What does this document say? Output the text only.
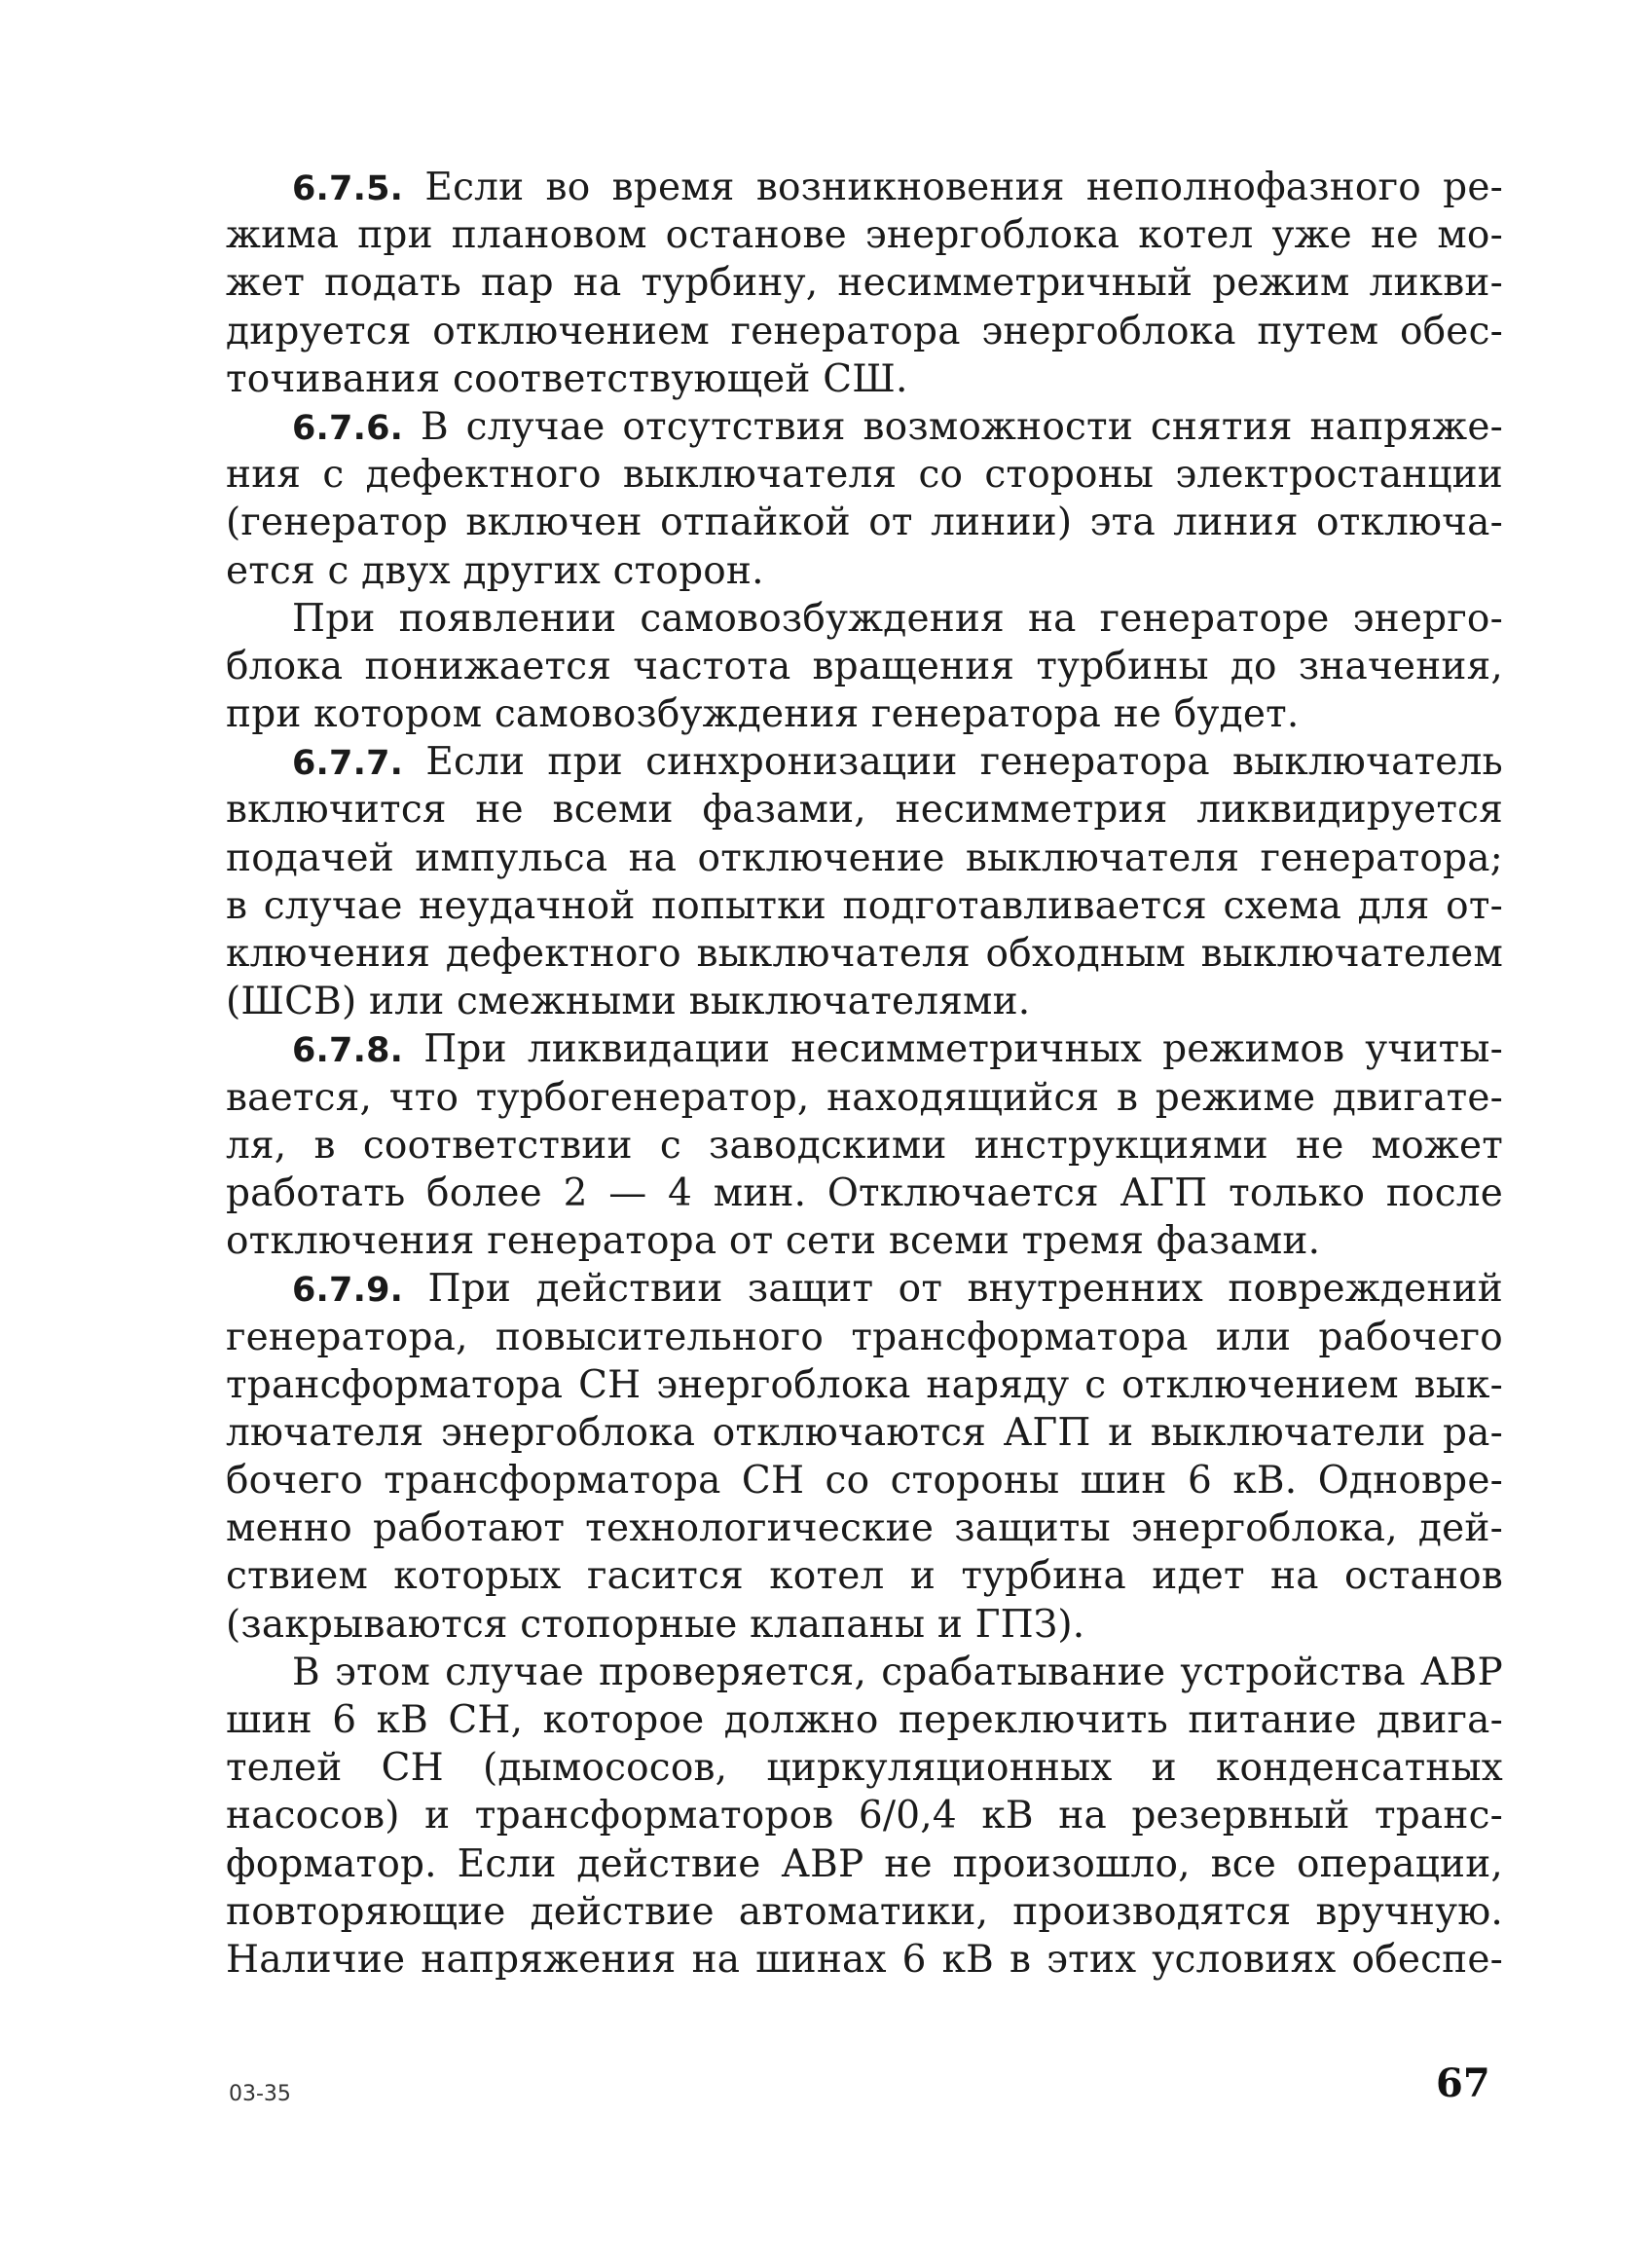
6.7.5. Если во время возникновения неполнофазного ре-
жима при плановом останове энергоблока котел уже не мо-
жет подать пар на турбину, несимметричный режим ликви-
дируется отключением генератора энергоблока путем обес-
точивания соответствующей СШ.
6.7.6. В случае отсутствия возможности снятия напряже-
ния с дефектного выключателя со стороны электростанции
(генератор включен отпайкой от линии) эта линия отключа-
ется с двух других сторон.
При появлении самовозбуждения на генераторе энерго-
блока понижается частота вращения турбины до значения,
при котором самовозбуждения генератора не будет.
6.7.7. Если при синхронизации генератора выключатель
включится не всеми фазами, несимметрия ликвидируется
подачей импульса на отключение выключателя генератора;
в случае неудачной попытки подготавливается схема для от-
ключения дефектного выключателя обходным выключателем
(ШСВ) или смежными выключателями.
6.7.8. При ликвидации несимметричных режимов учиты-
вается, что турбогенератор, находящийся в режиме двигате-
ля, в соответствии с заводскими инструкциями не может
работать более 2 — 4 мин. Отключается АГП только после
отключения генератора от сети всеми тремя фазами.
6.7.9. При действии защит от внутренних повреждений
генератора, повысительного трансформатора или рабочего
трансформатора СН энергоблока наряду с отключением вык-
лючателя энергоблока отключаются АГП и выключатели ра-
бочего трансформатора СН со стороны шин 6 кВ. Одновре-
менно работают технологические защиты энергоблока, дей-
ствием которых гасится котел и турбина идет на останов
(закрываются стопорные клапаны и ГПЗ).
В этом случае проверяется, срабатывание устройства АВР
шин 6 кВ СН, которое должно переключить питание двига-
телей СН (дымососов, циркуляционных и конденсатных
насосов) и трансформаторов 6/0,4 кВ на резервный транс-
форматор. Если действие АВР не произошло, все операции,
повторяющие действие автоматики, производятся вручную.
Наличие напряжения на шинах 6 кВ в этих условиях обеспе-
03-35	67
